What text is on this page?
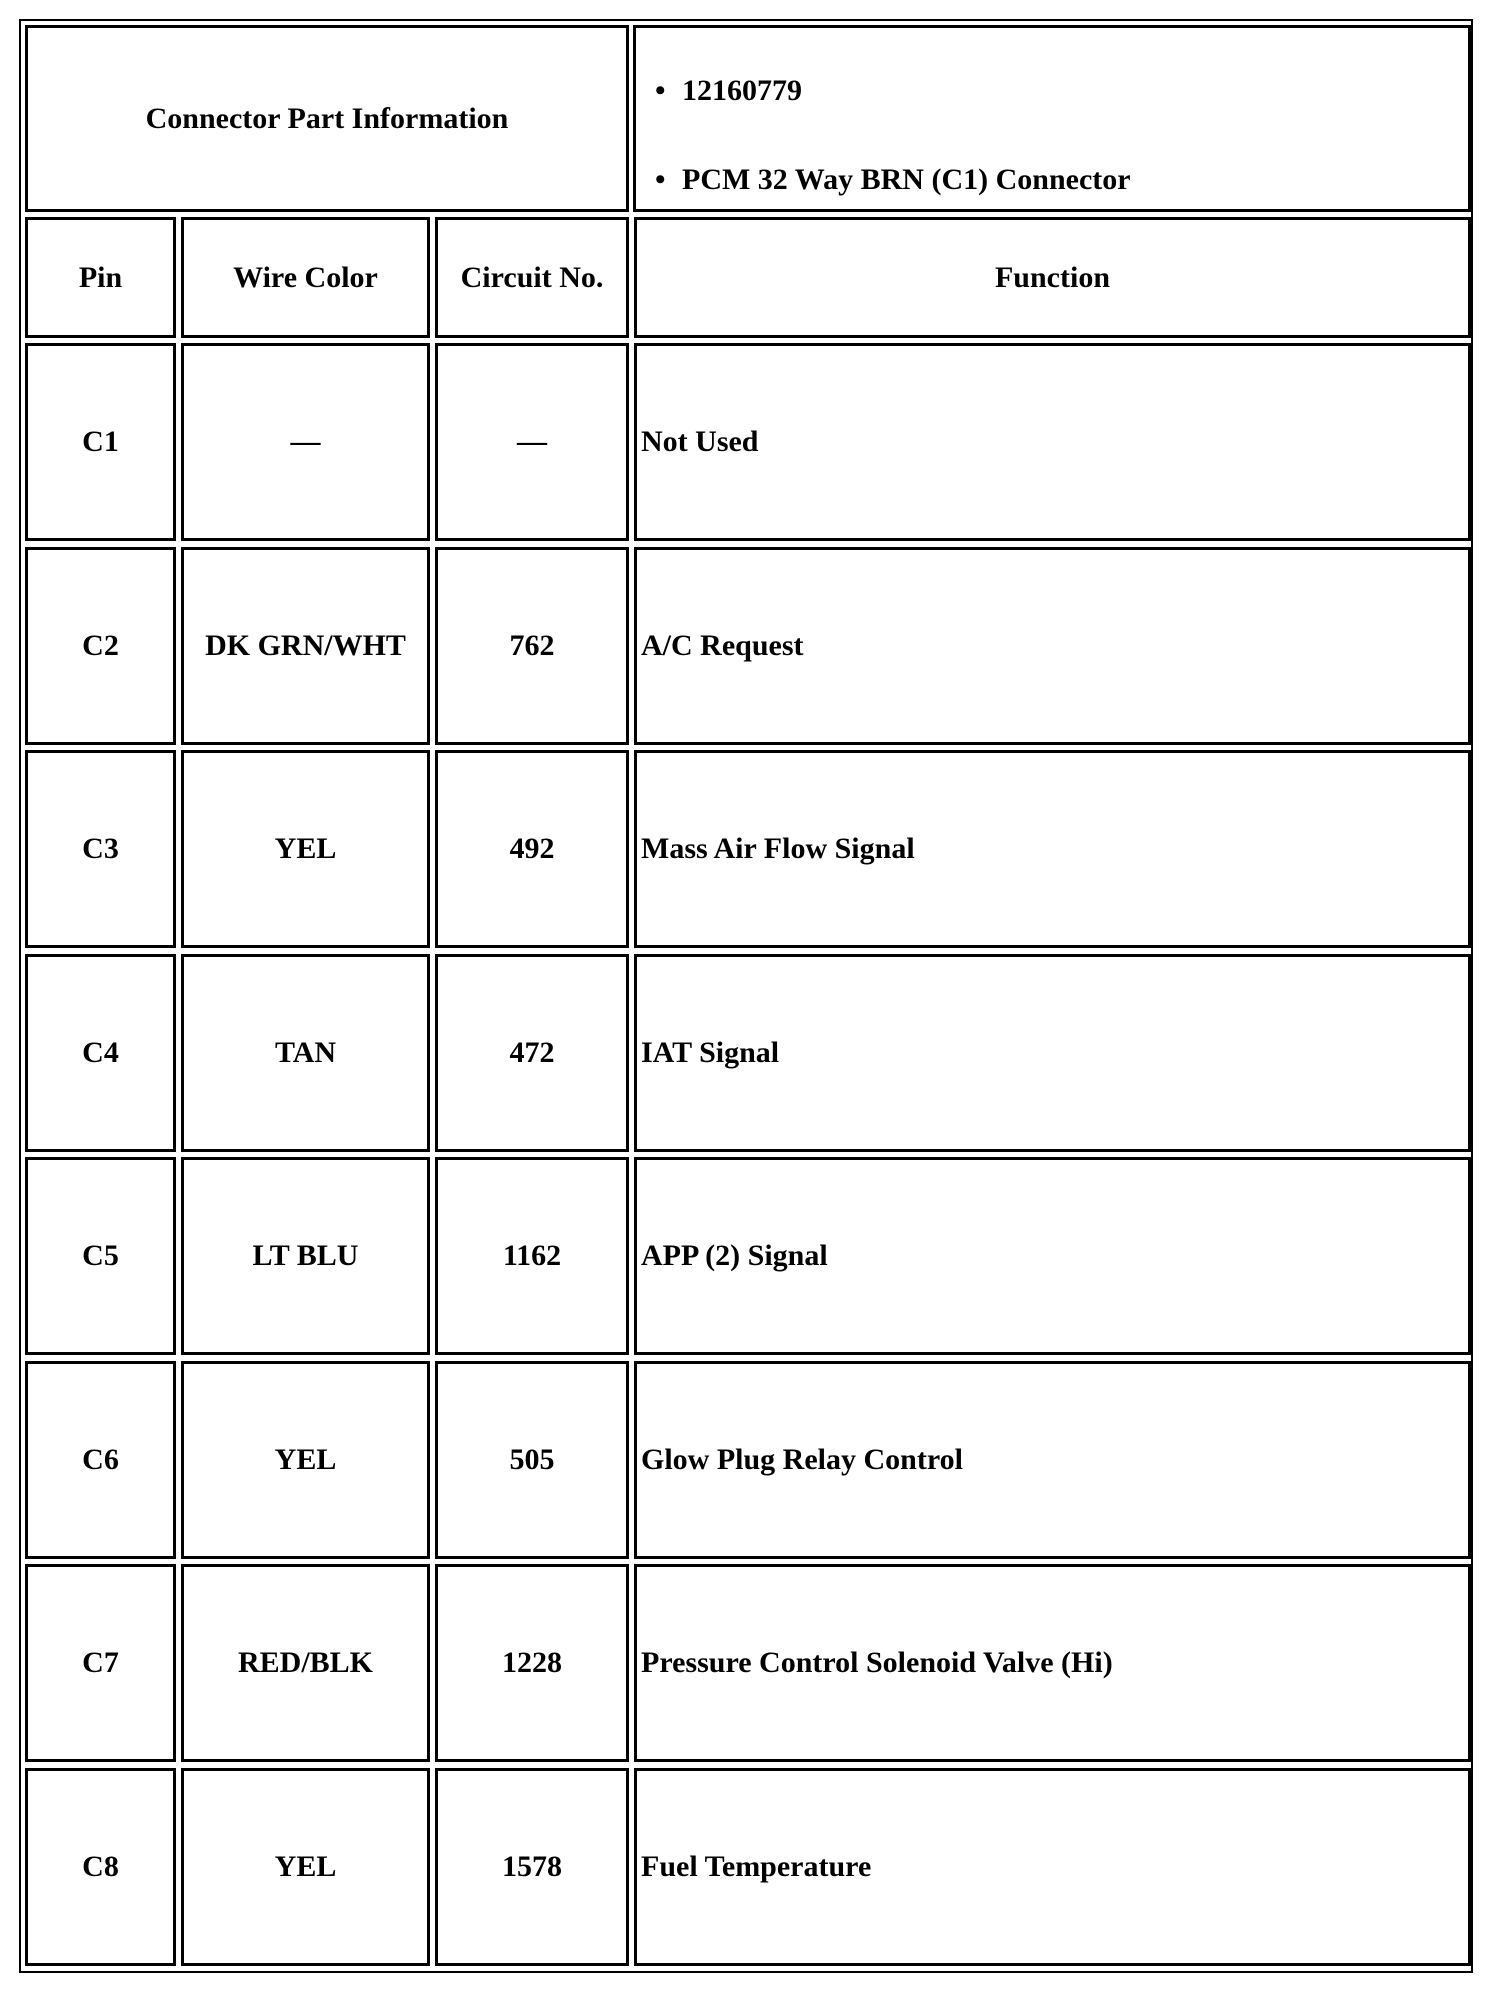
Connector Part Information
• 12160779
• PCM 32 Way BRN (C1) Connector
Pin	Wire Color	Circuit No.	Function
C1	—	—	Not Used
C2	DK GRN/WHT	762	A/C Request
C3	YEL	492	Mass Air Flow Signal
C4	TAN	472	IAT Signal
C5	LT BLU	1162	APP (2) Signal
C6	YEL	505	Glow Plug Relay Control
C7	RED/BLK	1228	Pressure Control Solenoid Valve (Hi)
C8	YEL	1578	Fuel Temperature
